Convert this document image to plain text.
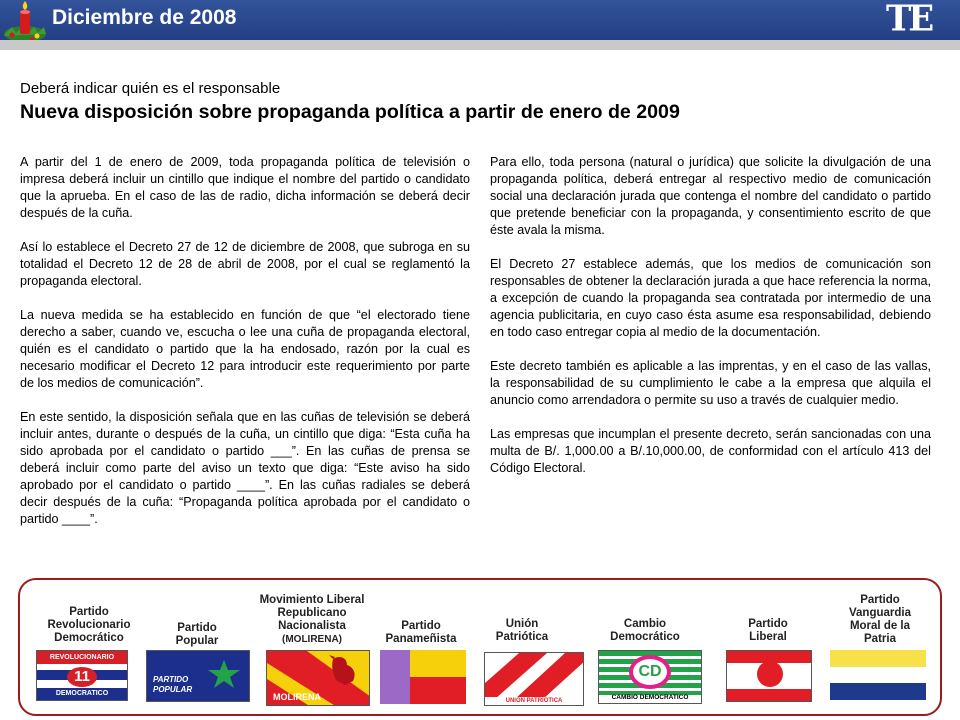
Diciembre de 2008	TE
Deberá indicar quién es el responsable
Nueva disposición sobre propaganda política a partir de enero de 2009

A partir del 1 de enero de 2009, toda propaganda política de televisión o impresa deberá incluir un cintillo que indique el nombre del partido o candidato que la aprueba. En el caso de las de radio, dicha información se deberá decir después de la cuña.

Así lo establece el Decreto 27 de 12 de diciembre de 2008, que subroga en su totalidad el Decreto 12 de 28 de abril de 2008, por el cual se reglamentó la propaganda electoral.

La nueva medida se ha establecido en función de que “el electorado tiene derecho a saber, cuando ve, escucha o lee una cuña de propaganda electoral, quién es el candidato o partido que la ha endosado, razón por la cual es necesario modificar el Decreto 12 para introducir este requerimiento por parte de los medios de comunicación”.

En este sentido, la disposición señala que en las cuñas de televisión se deberá incluir antes, durante o después de la cuña, un cintillo que diga: “Esta cuña ha sido aprobada por el candidato o partido ___”. En las cuñas de prensa se deberá incluir como parte del aviso un texto que diga: “Este aviso ha sido aprobado por el candidato o partido ____”. En las cuñas radiales se deberá decir después de la cuña: “Propaganda política aprobada por el candidato o partido ____”.

Para ello, toda persona (natural o jurídica) que solicite la divulgación de una propaganda política, deberá entregar al respectivo medio de comunicación social una declaración jurada que contenga el nombre del candidato o partido que pretende beneficiar con la propaganda, y consentimiento escrito de que éste avala la misma.

El Decreto 27 establece además, que los medios de comunicación son responsables de obtener la declaración jurada a que hace referencia la norma, a excepción de cuando la propaganda sea contratada por intermedio de una agencia publicitaria, en cuyo caso ésta asume esa responsabilidad, debiendo en todo caso entregar copia al medio de la documentación.

Este decreto también es aplicable a las imprentas, y en el caso de las vallas, la responsabilidad de su cumplimiento le cabe a la empresa que alquila el anuncio como arrendadora o permite su uso a través de cualquier medio.

Las empresas que incumplan el presente decreto, serán sancionadas con una multa de B/. 1,000.00 a B/.10,000.00, de conformidad con el artículo 413 del Código Electoral.

Partido
Revolucionario
Democrático
REVOLUCIONARIO
11
DEMOCRATICO
Partido
Popular
PARTIDO
POPULAR
Movimiento Liberal
Republicano
Nacionalista
(MOLIRENA)
MOLIRENA
Partido
Panameñista
Unión
Patriótica
UNION PATRIOTICA
Cambio
Democrático
CD
CAMBIO DEMOCRATICO
Partido
Liberal
Partido
Vanguardia
Moral de la
Patria
